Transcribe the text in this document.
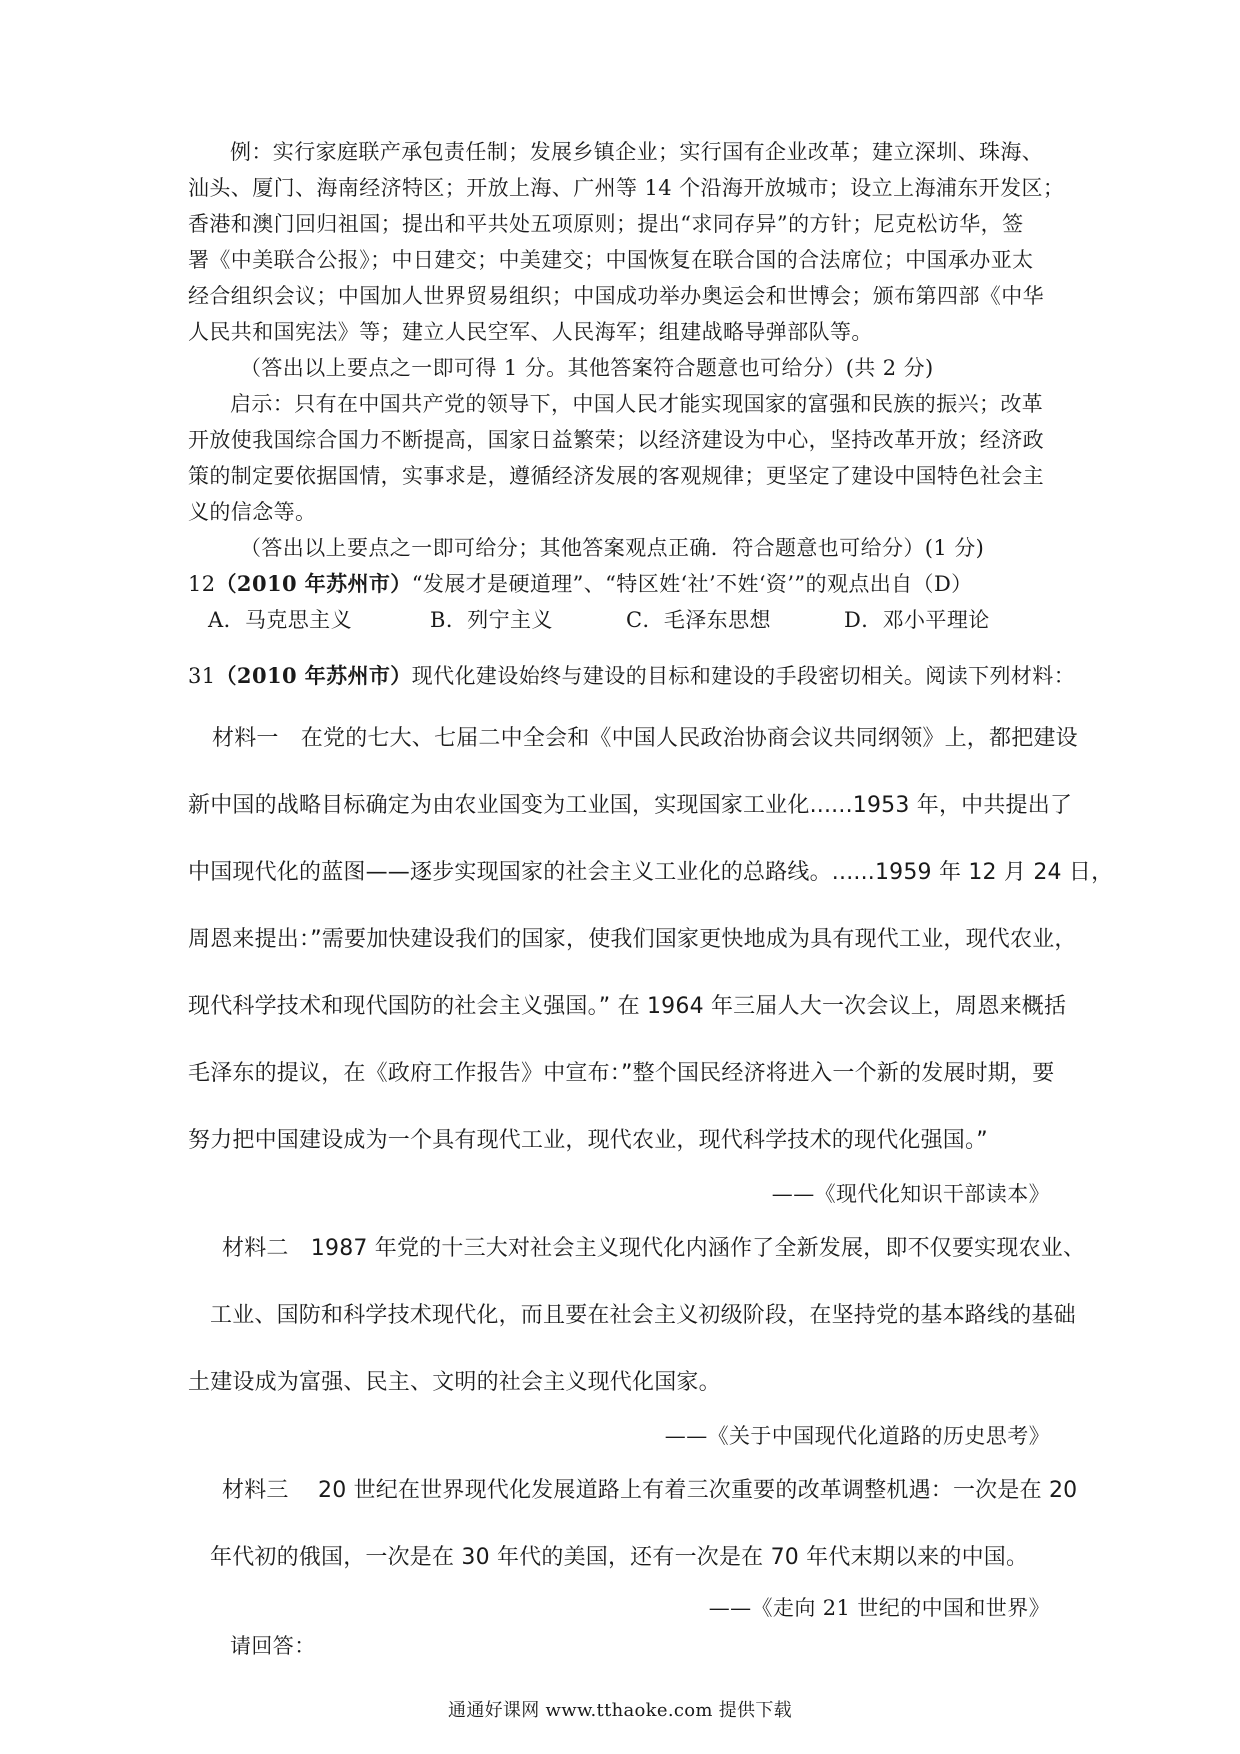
例：实行家庭联产承包责任制；发展乡镇企业；实行国有企业改革；建立深圳、珠海、
汕头、厦门、海南经济特区；开放上海、广州等 14 个沿海开放城市；设立上海浦东开发区；
香港和澳门回归祖国；提出和平共处五项原则；提出“求同存异”的方针；尼克松访华，签
署《中美联合公报》；中日建交；中美建交；中国恢复在联合国的合法席位；中国承办亚太
经合组织会议；中国加人世界贸易组织；中国成功举办奥运会和世博会；颁布第四部《中华
人民共和国宪法》等；建立人民空军、人民海军；组建战略导弹部队等。
（答出以上要点之一即可得 1 分。其他答案符合题意也可给分）(共 2 分)
启示：只有在中国共产党的领导下，中国人民才能实现国家的富强和民族的振兴；改革
开放使我国综合国力不断提高，国家日益繁荣；以经济建设为中心，坚持改革开放；经济政
策的制定要依据国情，实事求是，遵循经济发展的客观规律；更坚定了建设中国特色社会主
义的信念等。
（答出以上要点之一即可给分；其他答案观点正确．符合题意也可给分）(1 分)
12（2010 年苏州市）“发展才是硬道理”、“特区姓‘社’不姓‘资’”的观点出自（D）
A．马克思主义	B．列宁主义	C．毛泽东思想	D．邓小平理论
31（2010 年苏州市）现代化建设始终与建设的目标和建设的手段密切相关。阅读下列材料：
材料一　在党的七大、七届二中全会和《中国人民政治协商会议共同纲领》上，都把建设
新中国的战略目标确定为由农业国变为工业国，实现国家工业化......1953 年，中共提出了
中国现代化的蓝图——逐步实现国家的社会主义工业化的总路线。......1959 年 12 月 24 日，
周恩来提出：”需要加快建设我们的国家，使我们国家更快地成为具有现代工业，现代农业，
现代科学技术和现代国防的社会主义强国。” 在 1964 年三届人大一次会议上，周恩来概括
毛泽东的提议，在《政府工作报告》中宣布：”整个国民经济将进入一个新的发展时期，要
努力把中国建设成为一个具有现代工业，现代农业，现代科学技术的现代化强国。”
——《现代化知识干部读本》
材料二　1987 年党的十三大对社会主义现代化内涵作了全新发展，即不仅要实现农业、
工业、国防和科学技术现代化，而且要在社会主义初级阶段，在坚持党的基本路线的基础
土建设成为富强、民主、文明的社会主义现代化国家。
——《关于中国现代化道路的历史思考》
材料三　 20 世纪在世界现代化发展道路上有着三次重要的改革调整机遇：一次是在 20
年代初的俄国，一次是在 30 年代的美国，还有一次是在 70 年代末期以来的中国。
——《走向 21 世纪的中国和世界》
请回答：
通通好课网 www.tthaoke.com 提供下载
